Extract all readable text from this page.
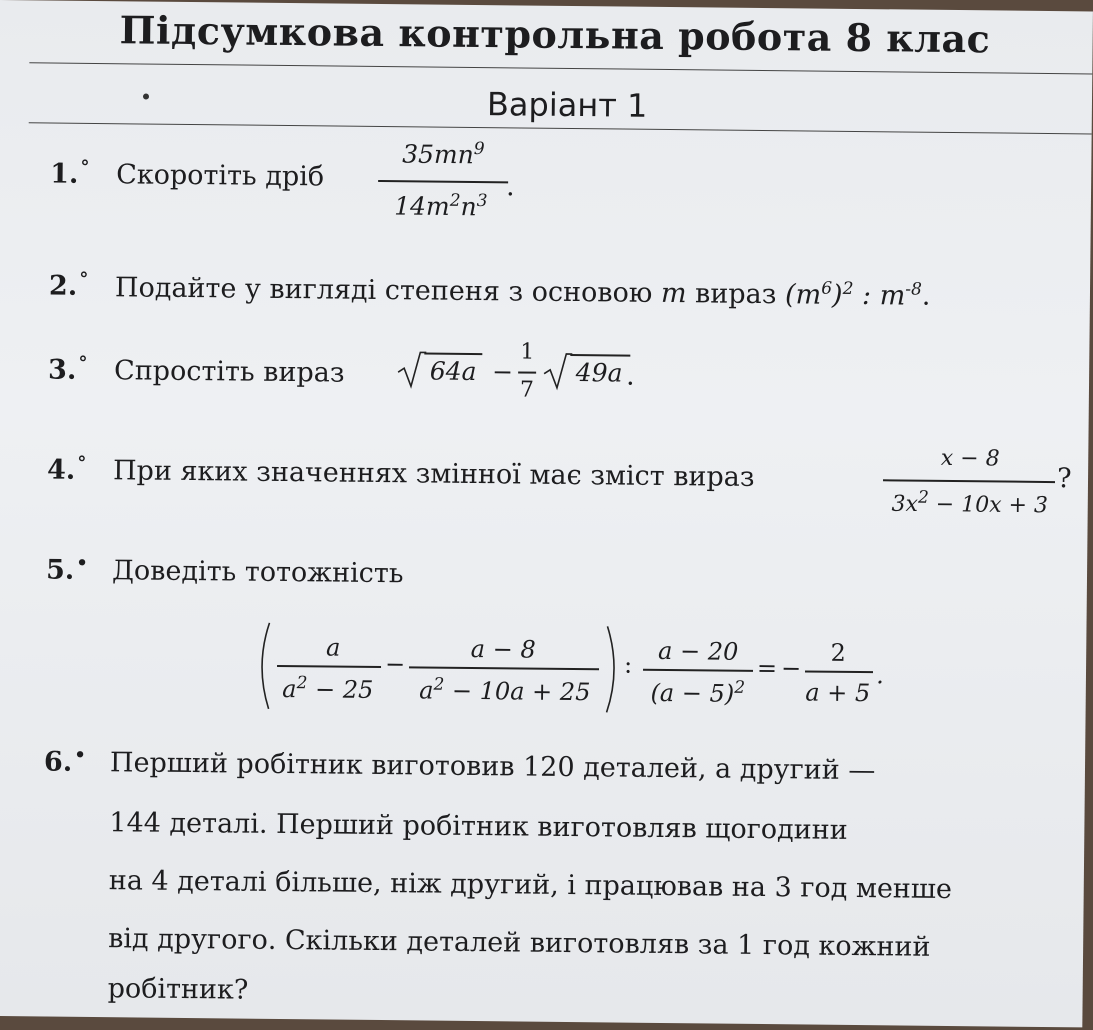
Підсумкова контрольна робота 8 клас
Варіант 1
1. ° Скоротіть дріб
$35mn^9$
$14m^2n^3$ .
2. ° Подайте у вигляді степеня з основою m вираз $(m^6)^2$ : $m^{-8}$.
3. ° Спростіть вираз	64a −
1
7
49a .
4. ° При яких значеннях змінної має зміст вираз	x − 8
$3x^2 - 10x + 3$
?
5. • Доведіть тотожність
a
$a^2 - 25$
−
a − 8
$a^2 - 10a + 25$
:	a − 20
$(a - 5)^2$
= −
2
a + 5
.
6. • Перший робітник виготовив 120 деталей, а другий —
144 деталі. Перший робітник виготовляв щогодини
на 4 деталі більше, ніж другий, і працював на 3 год менше
від другого. Скільки деталей виготовляв за 1 год кожний
робітник?
